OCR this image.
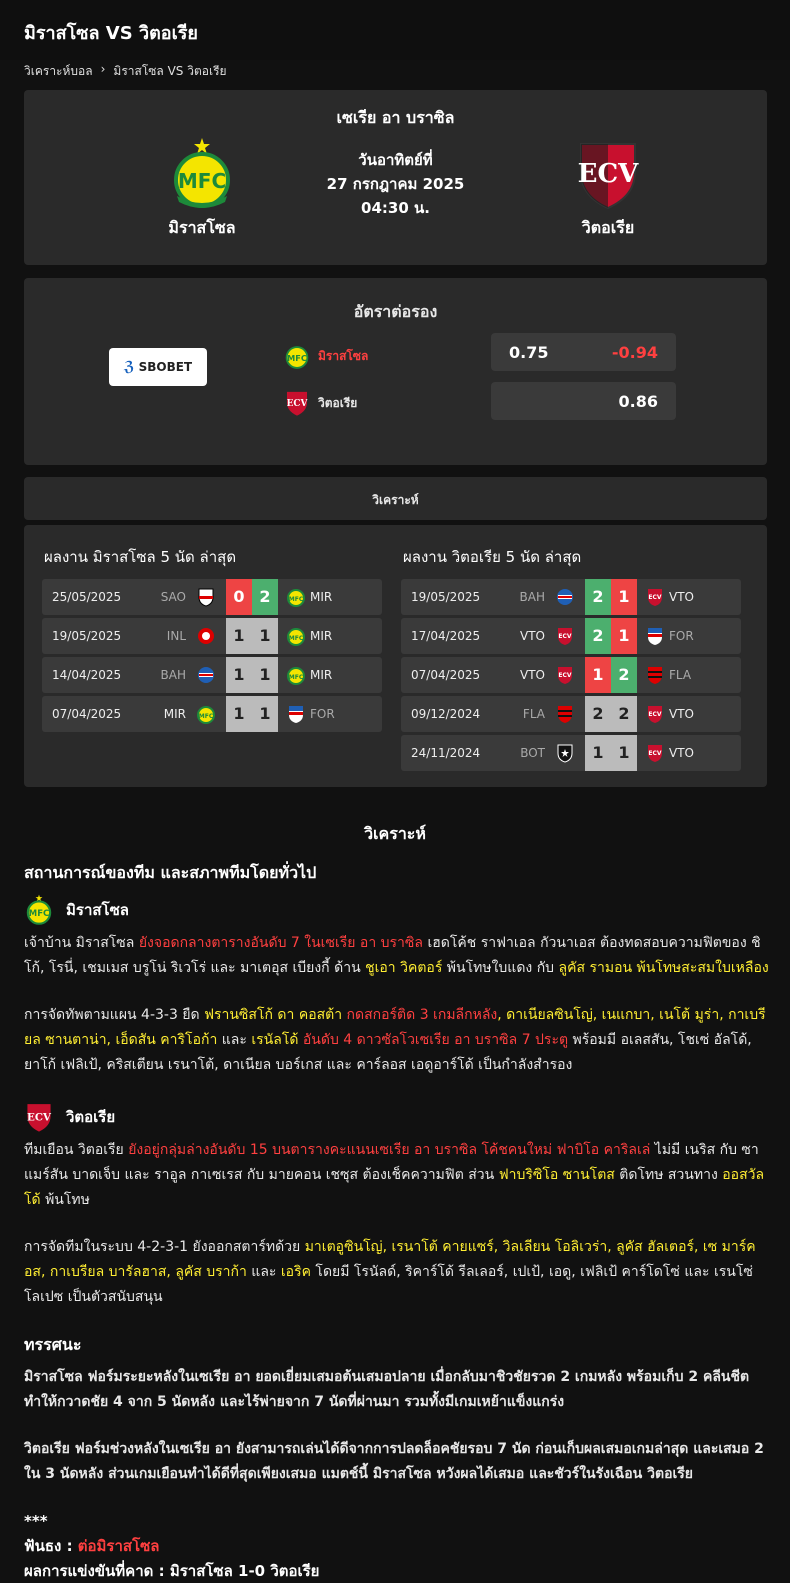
มิราสโซล VS วิตอเรีย
วิเคราะห์บอล › มิราสโซล VS วิตอเรีย
เซเรีย อา บราซิล
MFC
มิราสโซล
วันอาทิตย์ที่
27 กรกฎาคม 2025
04:30 น.
ECV
วิตอเรีย
อัตราต่อรอง
ℨ SBOBET
MFC มิราสโซล	0.75	-0.94
ECV วิตอเรีย	0.86
วิเคราะห์
ผลงาน มิราสโซล 5 นัด ล่าสุด
25/05/2025	SAO	0 2	MFC MIR
19/05/2025	INL	1 1	MFC MIR
14/04/2025	BAH	1 1	MFC MIR
07/04/2025	MIR MFC	1 1	FOR
ผลงาน วิตอเรีย 5 นัด ล่าสุด
19/05/2025	BAH	2 1	ECV VTO
17/04/2025	VTO ECV	2 1	FOR
07/04/2025	VTO ECV	1 2	FLA
09/12/2024	FLA	2 2	ECV VTO
24/11/2024	BOT	1 1	ECV VTO
วิเคราะห์
สถานการณ์ของทีม และสภาพทีมโดยทั่วไป
MFC มิราสโซล

เจ้าบ้าน มิราสโซล ยังจอดกลางตารางอันดับ 7 ในเซเรีย อา บราซิล เฮดโค้ช ราฟาเอล กัวนาเอส ต้องทดสอบความฟิตของ ชิโก้, โรนี่, เชมเมส บรูโน่ ริเวโร่ และ มาเตอุส เบียงกี้ ด้าน ชูเอา วิคตอร์ พ้นโทษใบแดง กับ ลูคัส รามอน พ้นโทษสะสมใบเหลือง

การจัดทัพตามแผน 4-3-3 ยืด ฟรานซิสโก้ ดา คอสต้า กดสกอร์ติด 3 เกมลีกหลัง, ดาเนียลซินโญ่, เนแกบา, เนโต้ มูร่า, กาเบรียล ซานตาน่า, เอ็ดสัน คาริโอก้า และ เรนัลโด้ อันดับ 4 ดาวซัลโวเซเรีย อา บราซิล 7 ประตู พร้อมมี อเลสสัน, โชเซ่ อัลโด้, ยาโก้ เฟลิเป้, คริสเตียน เรนาโต้, ดาเนียล บอร์เกส และ คาร์ลอส เอดูอาร์โด้ เป็นกำลังสำรอง

ECV วิตอเรีย

ทีมเยือน วิตอเรีย ยังอยู่กลุ่มล่างอันดับ 15 บนตารางคะแนนเซเรีย อา บราซิล โค้ชคนใหม่ ฟาบิโอ คาริลเล่ ไม่มี เนริส กับ ซาแมร์สัน บาดเจ็บ และ ราอูล กาเซเรส กับ มายคอน เชซุส ต้องเช็คความฟิต ส่วน ฟาบริซิโอ ซานโตส ติดโทษ สวนทาง ออสวัลโด้ พ้นโทษ

การจัดทีมในระบบ 4-2-3-1 ยังออกสตาร์ทด้วย มาเตอูซินโญ่, เรนาโต้ คายแซร์, วิลเลียน โอลิเวร่า, ลูคัส ฮัลเตอร์, เซ มาร์คอส, กาเบรียล บารัลฮาส, ลูคัส บราก้า และ เอริค โดยมี โรนัลด์, ริคาร์โด้ รีลเลอร์, เปเป้, เอดู, เฟลิเป้ คาร์โดโซ่ และ เรนโซ่ โลเปซ เป็นตัวสนับสนุน

ทรรศนะ

มิราสโซล ฟอร์มระยะหลังในเซเรีย อา ยอดเยี่ยมเสมอต้นเสมอปลาย เมื่อกลับมาชิวชัยรวด 2 เกมหลัง พร้อมเก็บ 2 คลีนชีต ทำให้กวาดชัย 4 จาก 5 นัดหลัง และไร้พ่ายจาก 7 นัดที่ผ่านมา รวมทั้งมีเกมเหย้าแข็งแกร่ง

วิตอเรีย ฟอร์มช่วงหลังในเซเรีย อา ยังสามารถเล่นได้ดีจากการปลดล็อคชัยรอบ 7 นัด ก่อนเก็บผลเสมอเกมล่าสุด และเสมอ 2 ใน 3 นัดหลัง ส่วนเกมเยือนทำได้ดีที่สุดเพียงเสมอ แมตช์นี้ มิราสโซล หวังผลได้เสมอ และชัวร์ในรังเฉือน วิตอเรีย

***
ฟันธง : ต่อมิราสโซล
ผลการแข่งขันที่คาด : มิราสโซล 1-0 วิตอเรีย
